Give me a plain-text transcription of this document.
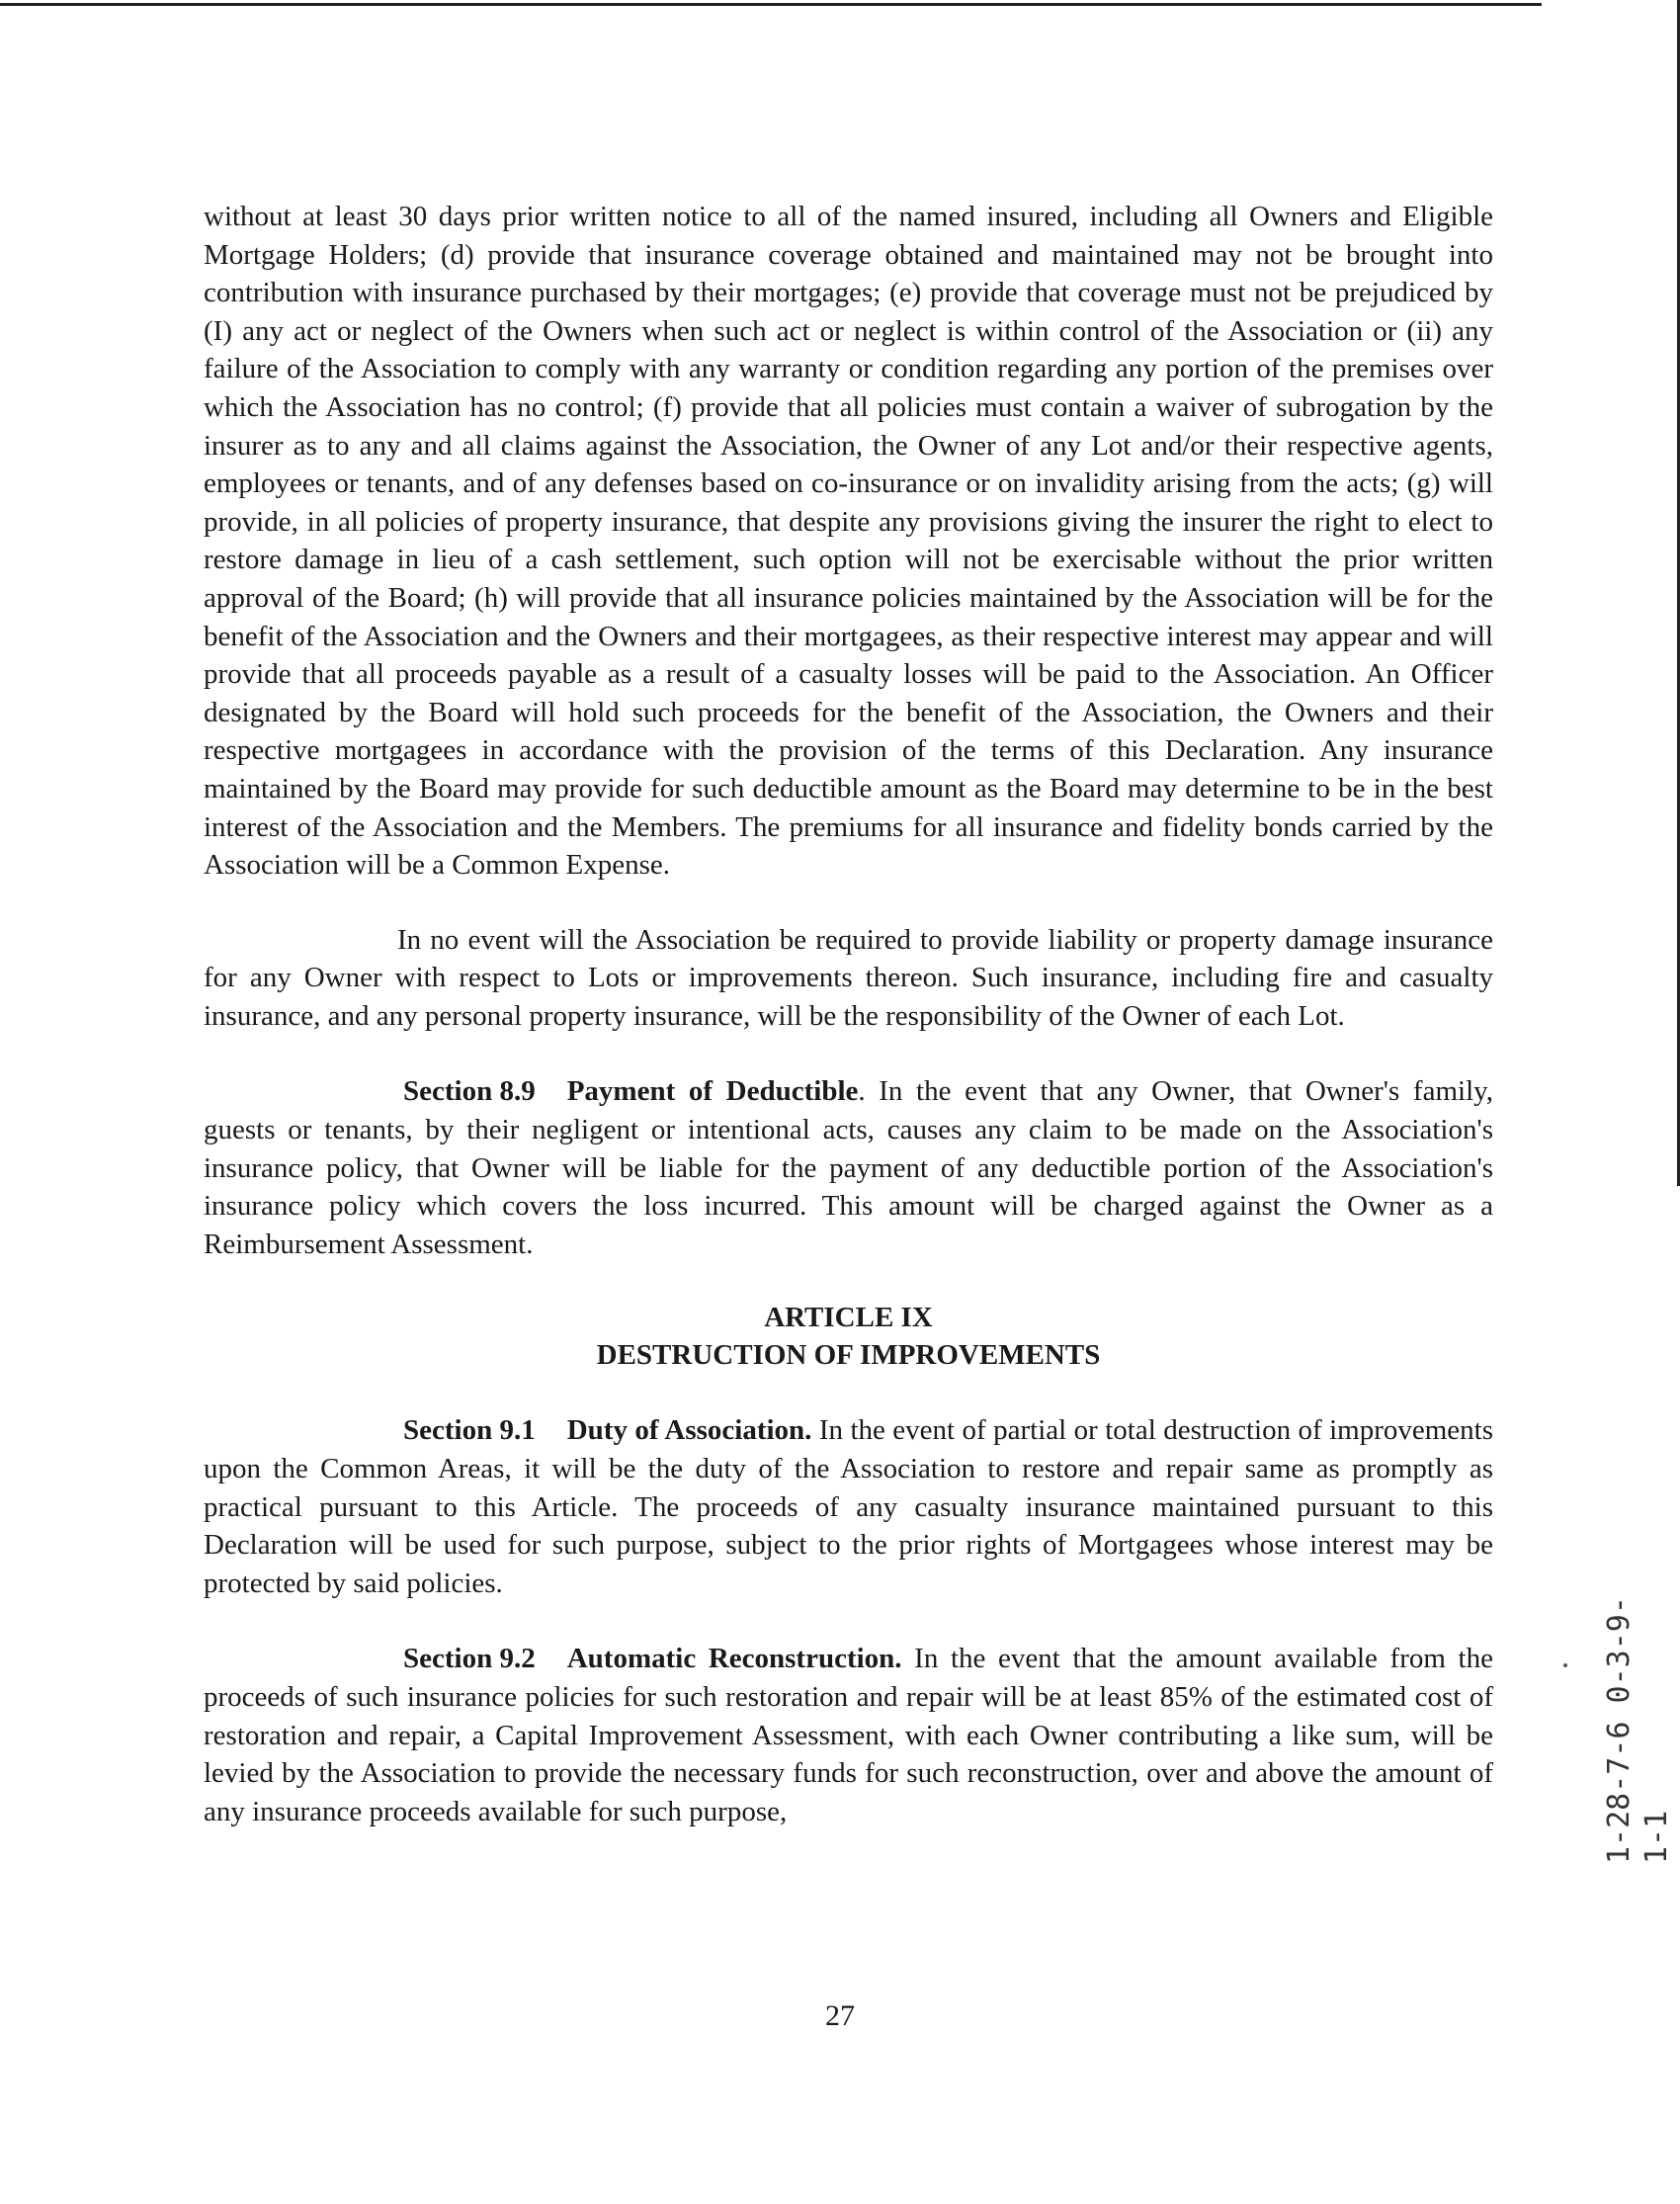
without at least 30 days prior written notice to all of the named insured, including all Owners and Eligible Mortgage Holders; (d) provide that insurance coverage obtained and maintained may not be brought into contribution with insurance purchased by their mortgages; (e) provide that coverage must not be prejudiced by (I) any act or neglect of the Owners when such act or neglect is within control of the Association or (ii) any failure of the Association to comply with any warranty or condition regarding any portion of the premises over which the Association has no control; (f) provide that all policies must contain a waiver of subrogation by the insurer as to any and all claims against the Association, the Owner of any Lot and/or their respective agents, employees or tenants, and of any defenses based on co-insurance or on invalidity arising from the acts; (g) will provide, in all policies of property insurance, that despite any provisions giving the insurer the right to elect to restore damage in lieu of a cash settlement, such option will not be exercisable without the prior written approval of the Board; (h) will provide that all insurance policies maintained by the Association will be for the benefit of the Association and the Owners and their mortgagees, as their respective interest may appear and will provide that all proceeds payable as a result of a casualty losses will be paid to the Association. An Officer designated by the Board will hold such proceeds for the benefit of the Association, the Owners and their respective mortgagees in accordance with the provision of the terms of this Declaration. Any insurance maintained by the Board may provide for such deductible amount as the Board may determine to be in the best interest of the Association and the Members. The premiums for all insurance and fidelity bonds carried by the Association will be a Common Expense.

In no event will the Association be required to provide liability or property damage insurance for any Owner with respect to Lots or improvements thereon. Such insurance, including fire and casualty insurance, and any personal property insurance, will be the responsibility of the Owner of each Lot.

Section 8.9 Payment of Deductible. In the event that any Owner, that Owner's family, guests or tenants, by their negligent or intentional acts, causes any claim to be made on the Association's insurance policy, that Owner will be liable for the payment of any deductible portion of the Association's insurance policy which covers the loss incurred. This amount will be charged against the Owner as a Reimbursement Assessment.

ARTICLE IX
DESTRUCTION OF IMPROVEMENTS

Section 9.1 Duty of Association. In the event of partial or total destruction of improvements upon the Common Areas, it will be the duty of the Association to restore and repair same as promptly as practical pursuant to this Article. The proceeds of any casualty insurance maintained pursuant to this Declaration will be used for such purpose, subject to the prior rights of Mortgagees whose interest may be protected by said policies.

Section 9.2 Automatic Reconstruction. In the event that the amount available from the proceeds of such insurance policies for such restoration and repair will be at least 85% of the estimated cost of restoration and repair, a Capital Improvement Assessment, with each Owner contributing a like sum, will be levied by the Association to provide the necessary funds for such reconstruction, over and above the amount of any insurance proceeds available for such purpose,

27
1-28-7-6 0-3-9-1-1
